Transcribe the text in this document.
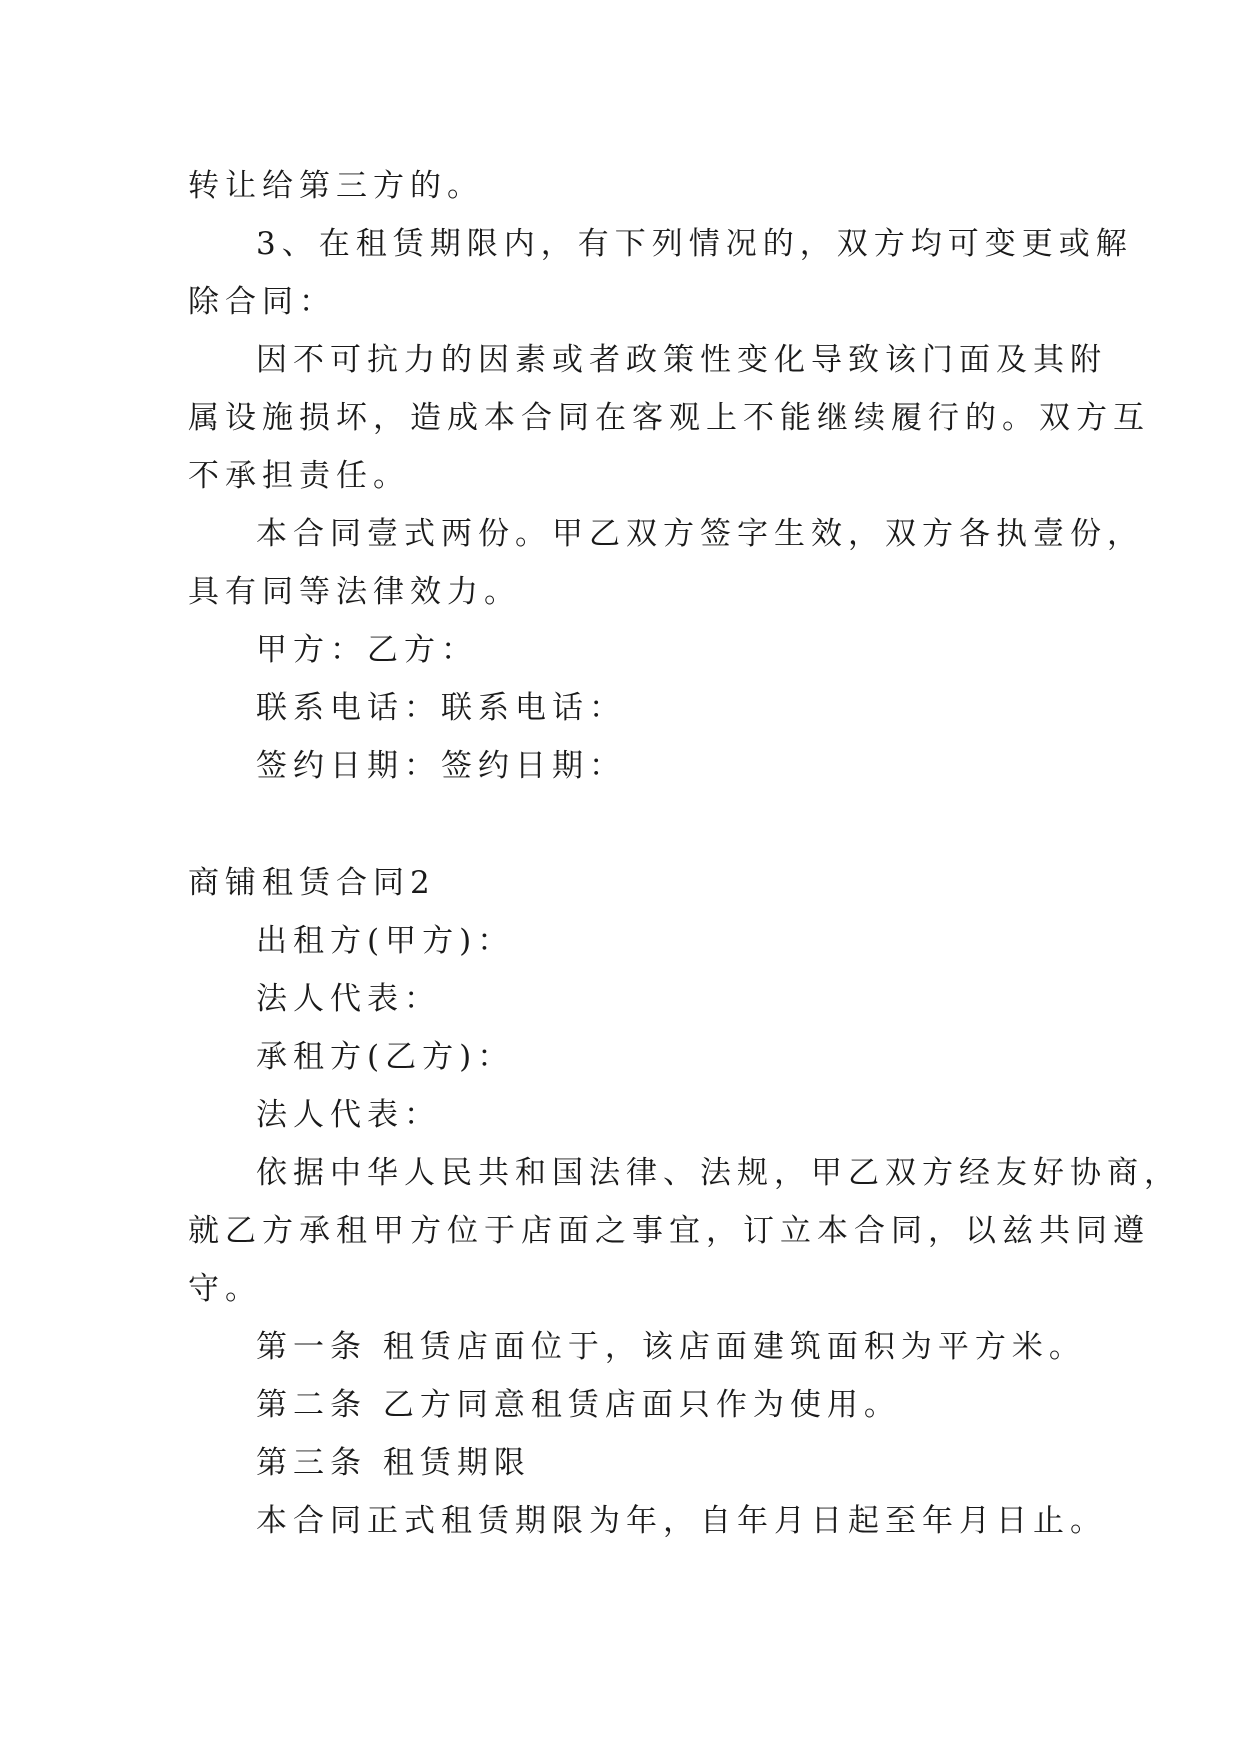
转让给第三方的。
3、在租赁期限内，有下列情况的，双方均可变更或解
除合同：
因不可抗力的因素或者政策性变化导致该门面及其附
属设施损坏，造成本合同在客观上不能继续履行的。双方互
不承担责任。
本合同壹式两份。甲乙双方签字生效，双方各执壹份，
具有同等法律效力。
甲方：乙方：
联系电话：联系电话：
签约日期：签约日期：
商铺租赁合同2
出租方(甲方)：
法人代表：
承租方(乙方)：
法人代表：
依据中华人民共和国法律、法规，甲乙双方经友好协商，
就乙方承租甲方位于店面之事宜，订立本合同，以兹共同遵
守。
第一条 租赁店面位于，该店面建筑面积为平方米。
第二条 乙方同意租赁店面只作为使用。
第三条 租赁期限
本合同正式租赁期限为年，自年月日起至年月日止。
